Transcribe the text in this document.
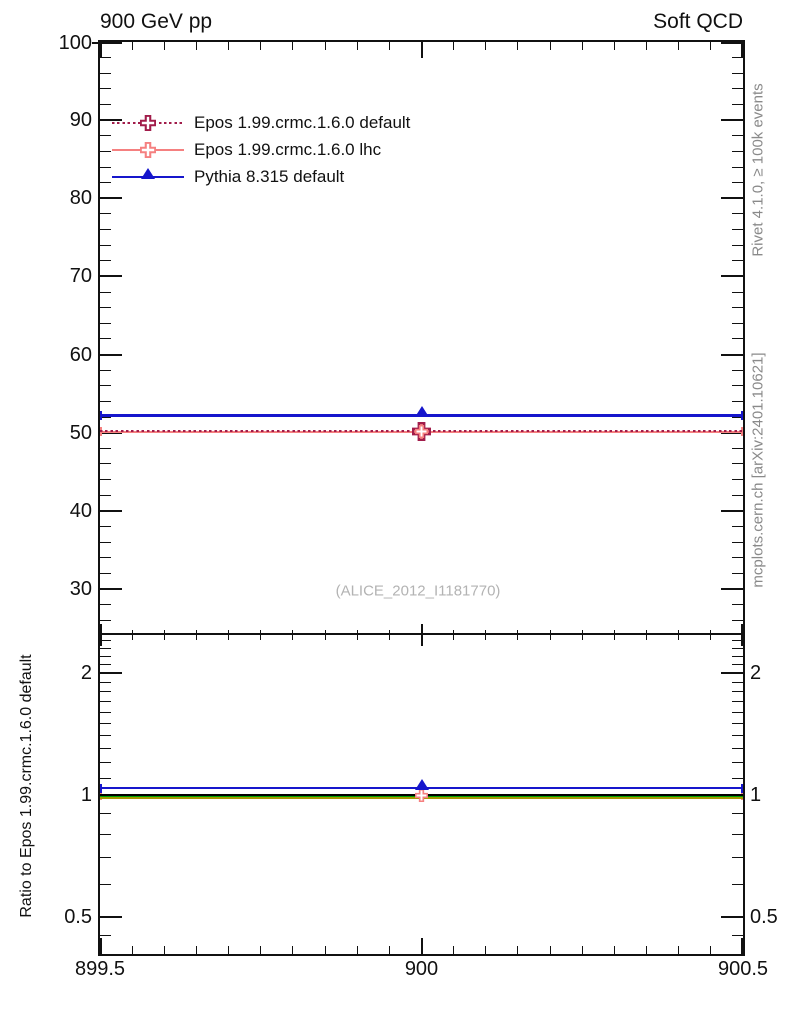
900 GeV pp	Soft QCD
Epos 1.99.crmc.1.6.0 default
Epos 1.99.crmc.1.6.0 lhc
Pythia 8.315 default
(ALICE_2012_I1181770)
Rivet 4.1.0, ≥ 100k events
mcplots.cern.ch [arXiv:2401.10621]
Ratio to Epos 1.99.crmc.1.6.0 default
30
40
50
60
70
80
90
100
0.5	0.5
1	1
2	2
899.5	900	900.5
